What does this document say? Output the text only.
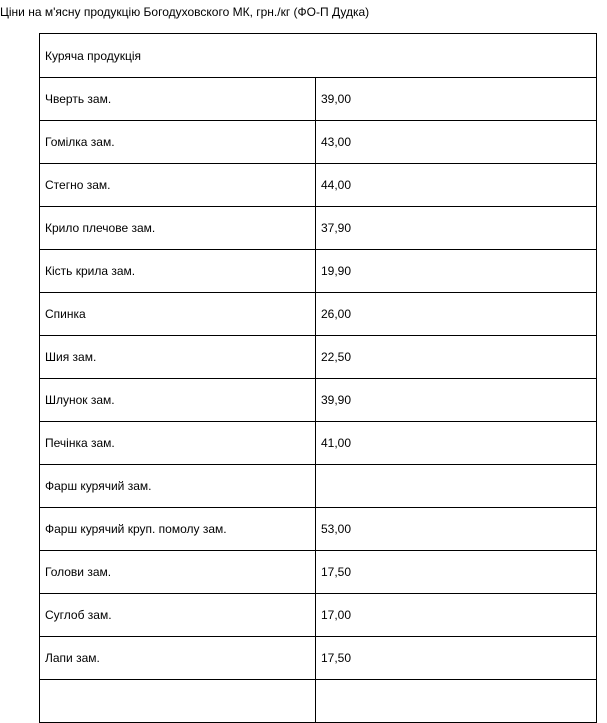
Ціни на м'ясну продукцію Богодуховского МК, грн./кг (ФО-П Дудка)
Куряча продукція	
Чверть зам.	39,00
Гомілка зам.	43,00
Стегно зам.	44,00
Крило плечове зам.	37,90
Кість крила зам.	19,90
Спинка	26,00
Шия зам.	22,50
Шлунок зам.	39,90
Печінка зам.	41,00
Фарш курячий зам.	
Фарш курячий круп. помолу зам.	53,00
Голови зам.	17,50
Суглоб зам.	17,00
Лапи зам.	17,50
